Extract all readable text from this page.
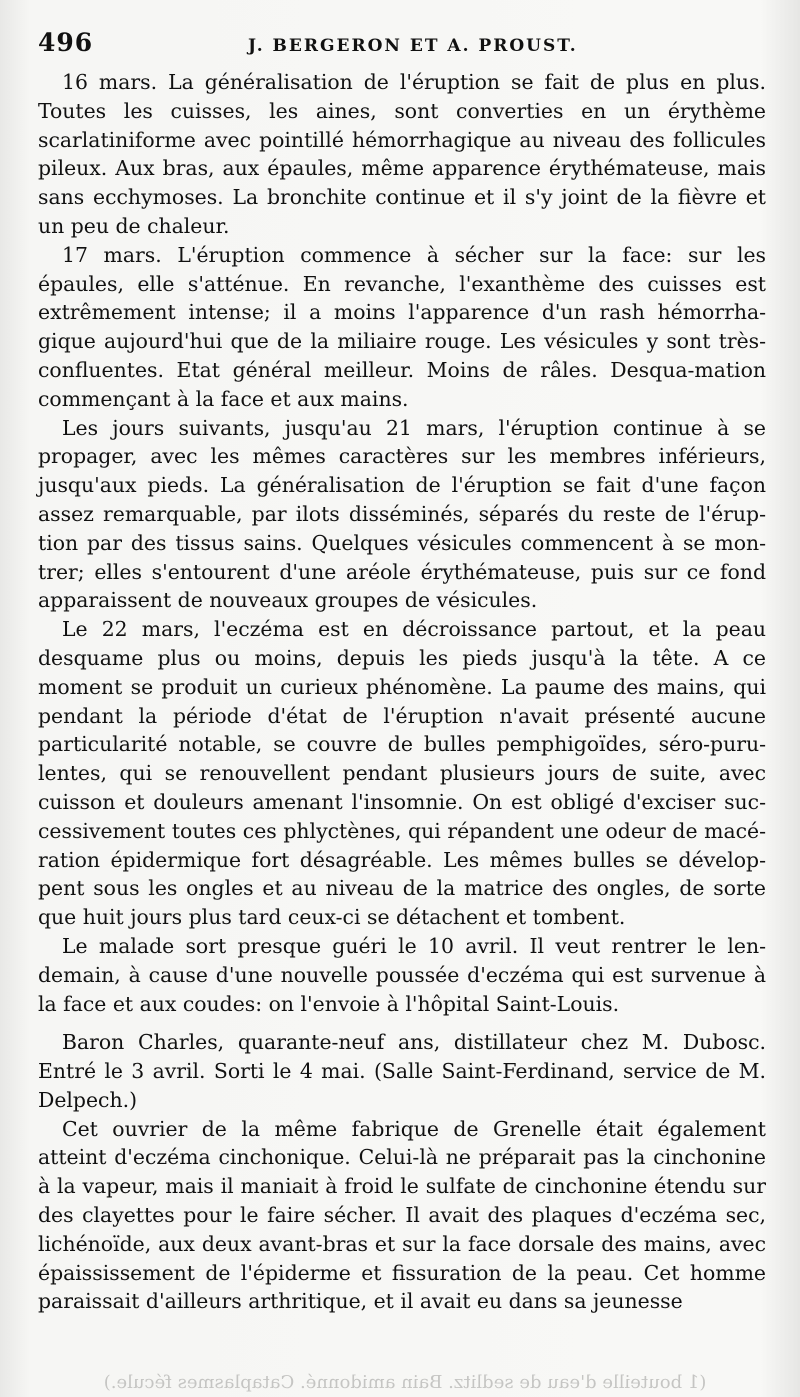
496	J. BERGERON ET A. PROUST.

16 mars. La généralisation de l'éruption se fait de plus en plus. Toutes les cuisses, les aines, sont converties en un érythème scarlatiniforme avec pointillé hémorrhagique au niveau des follicules pileux. Aux bras, aux épaules, même apparence érythémateuse, mais sans ecchymoses. La bronchite continue et il s'y joint de la fièvre et un peu de chaleur.

17 mars. L'éruption commence à sécher sur la face: sur les épaules, elle s'atténue. En revanche, l'exanthème des cuisses est extrêmement intense; il a moins l'apparence d'un rash hémorrha-gique aujourd'hui que de la miliaire rouge. Les vésicules y sont très-confluentes. Etat général meilleur. Moins de râles. Desqua-mation commençant à la face et aux mains.

Les jours suivants, jusqu'au 21 mars, l'éruption continue à se propager, avec les mêmes caractères sur les membres inférieurs, jusqu'aux pieds. La généralisation de l'éruption se fait d'une façon assez remarquable, par ilots disséminés, séparés du reste de l'érup-tion par des tissus sains. Quelques vésicules commencent à se mon-trer; elles s'entourent d'une aréole érythémateuse, puis sur ce fond apparaissent de nouveaux groupes de vésicules.

Le 22 mars, l'eczéma est en décroissance partout, et la peau desquame plus ou moins, depuis les pieds jusqu'à la tête. A ce moment se produit un curieux phénomène. La paume des mains, qui pendant la période d'état de l'éruption n'avait présenté aucune particularité notable, se couvre de bulles pemphigoïdes, séro-puru-lentes, qui se renouvellent pendant plusieurs jours de suite, avec cuisson et douleurs amenant l'insomnie. On est obligé d'exciser suc-cessivement toutes ces phlyctènes, qui répandent une odeur de macé-ration épidermique fort désagréable. Les mêmes bulles se dévelop-pent sous les ongles et au niveau de la matrice des ongles, de sorte que huit jours plus tard ceux-ci se détachent et tombent.

Le malade sort presque guéri le 10 avril. Il veut rentrer le len-demain, à cause d'une nouvelle poussée d'eczéma qui est survenue à la face et aux coudes: on l'envoie à l'hôpital Saint-Louis.

Baron Charles, quarante-neuf ans, distillateur chez M. Dubosc. Entré le 3 avril. Sorti le 4 mai. (Salle Saint-Ferdinand, service de M. Delpech.)

Cet ouvrier de la même fabrique de Grenelle était également atteint d'eczéma cinchonique. Celui-là ne préparait pas la cinchonine à la vapeur, mais il maniait à froid le sulfate de cinchonine étendu sur des clayettes pour le faire sécher. Il avait des plaques d'eczéma sec, lichénoïde, aux deux avant-bras et sur la face dorsale des mains, avec épaississement de l'épiderme et fissuration de la peau. Cet homme paraissait d'ailleurs arthritique, et il avait eu dans sa jeunesse

(1 bouteille d'eau de sedlitz. Bain amidonné. Cataplasmes fécule.)
